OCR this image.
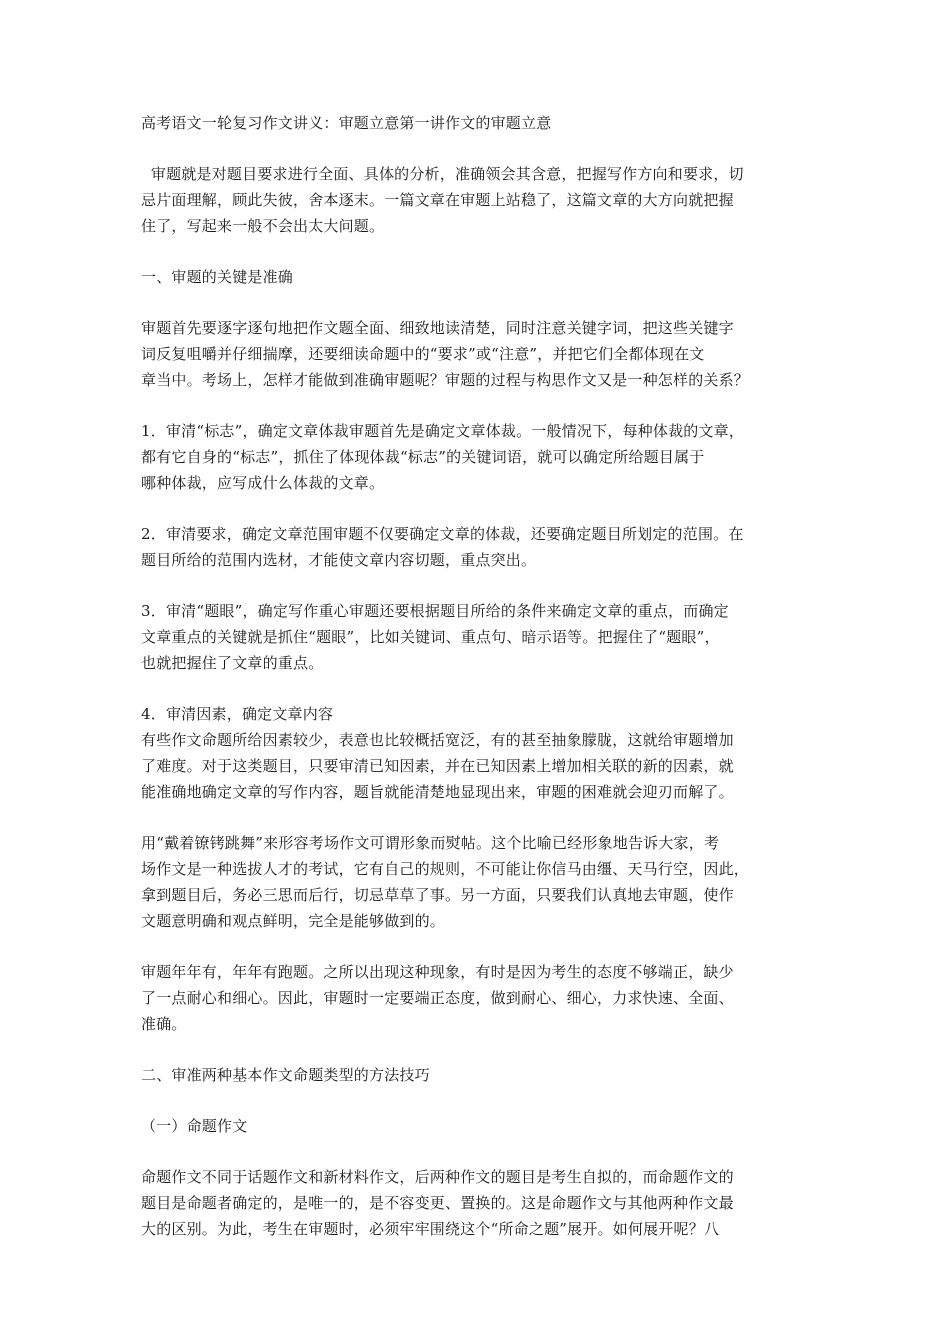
高考语文一轮复习作文讲义：审题立意第一讲作文的审题立意
审题就是对题目要求进行全面、具体的分析，准确领会其含意，把握写作方向和要求，切
忌片面理解，顾此失彼，舍本逐末。一篇文章在审题上站稳了，这篇文章的大方向就把握
住了，写起来一般不会出太大问题。
一、审题的关键是准确
审题首先要逐字逐句地把作文题全面、细致地读清楚，同时注意关键字词，把这些关键字
词反复咀嚼并仔细揣摩，还要细读命题中的“要求”或“注意”，并把它们全都体现在文
章当中。考场上，怎样才能做到准确审题呢？审题的过程与构思作文又是一种怎样的关系？
1．审清“标志”，确定文章体裁审题首先是确定文章体裁。一般情况下，每种体裁的文章，
都有它自身的“标志”，抓住了体现体裁“标志”的关键词语，就可以确定所给题目属于
哪种体裁，应写成什么体裁的文章。
2．审清要求，确定文章范围审题不仅要确定文章的体裁，还要确定题目所划定的范围。在
题目所给的范围内选材，才能使文章内容切题，重点突出。
3．审清“题眼”，确定写作重心审题还要根据题目所给的条件来确定文章的重点，而确定
文章重点的关键就是抓住“题眼”，比如关键词、重点句、暗示语等。把握住了“题眼”，
也就把握住了文章的重点。
4．审清因素，确定文章内容
有些作文命题所给因素较少，表意也比较概括宽泛，有的甚至抽象朦胧，这就给审题增加
了难度。对于这类题目，只要审清已知因素，并在已知因素上增加相关联的新的因素，就
能准确地确定文章的写作内容，题旨就能清楚地显现出来，审题的困难就会迎刃而解了。
用“戴着镣铐跳舞”来形容考场作文可谓形象而熨帖。这个比喻已经形象地告诉大家，考
场作文是一种选拔人才的考试，它有自己的规则，不可能让你信马由缰、天马行空，因此，
拿到题目后，务必三思而后行，切忌草草了事。另一方面，只要我们认真地去审题，使作
文题意明确和观点鲜明，完全是能够做到的。
审题年年有，年年有跑题。之所以出现这种现象，有时是因为考生的态度不够端正，缺少
了一点耐心和细心。因此，审题时一定要端正态度，做到耐心、细心，力求快速、全面、
准确。
二、审准两种基本作文命题类型的方法技巧
（一）命题作文
命题作文不同于话题作文和新材料作文，后两种作文的题目是考生自拟的，而命题作文的
题目是命题者确定的，是唯一的，是不容变更、置换的。这是命题作文与其他两种作文最
大的区别。为此，考生在审题时，必须牢牢围绕这个“所命之题”展开。如何展开呢？八
